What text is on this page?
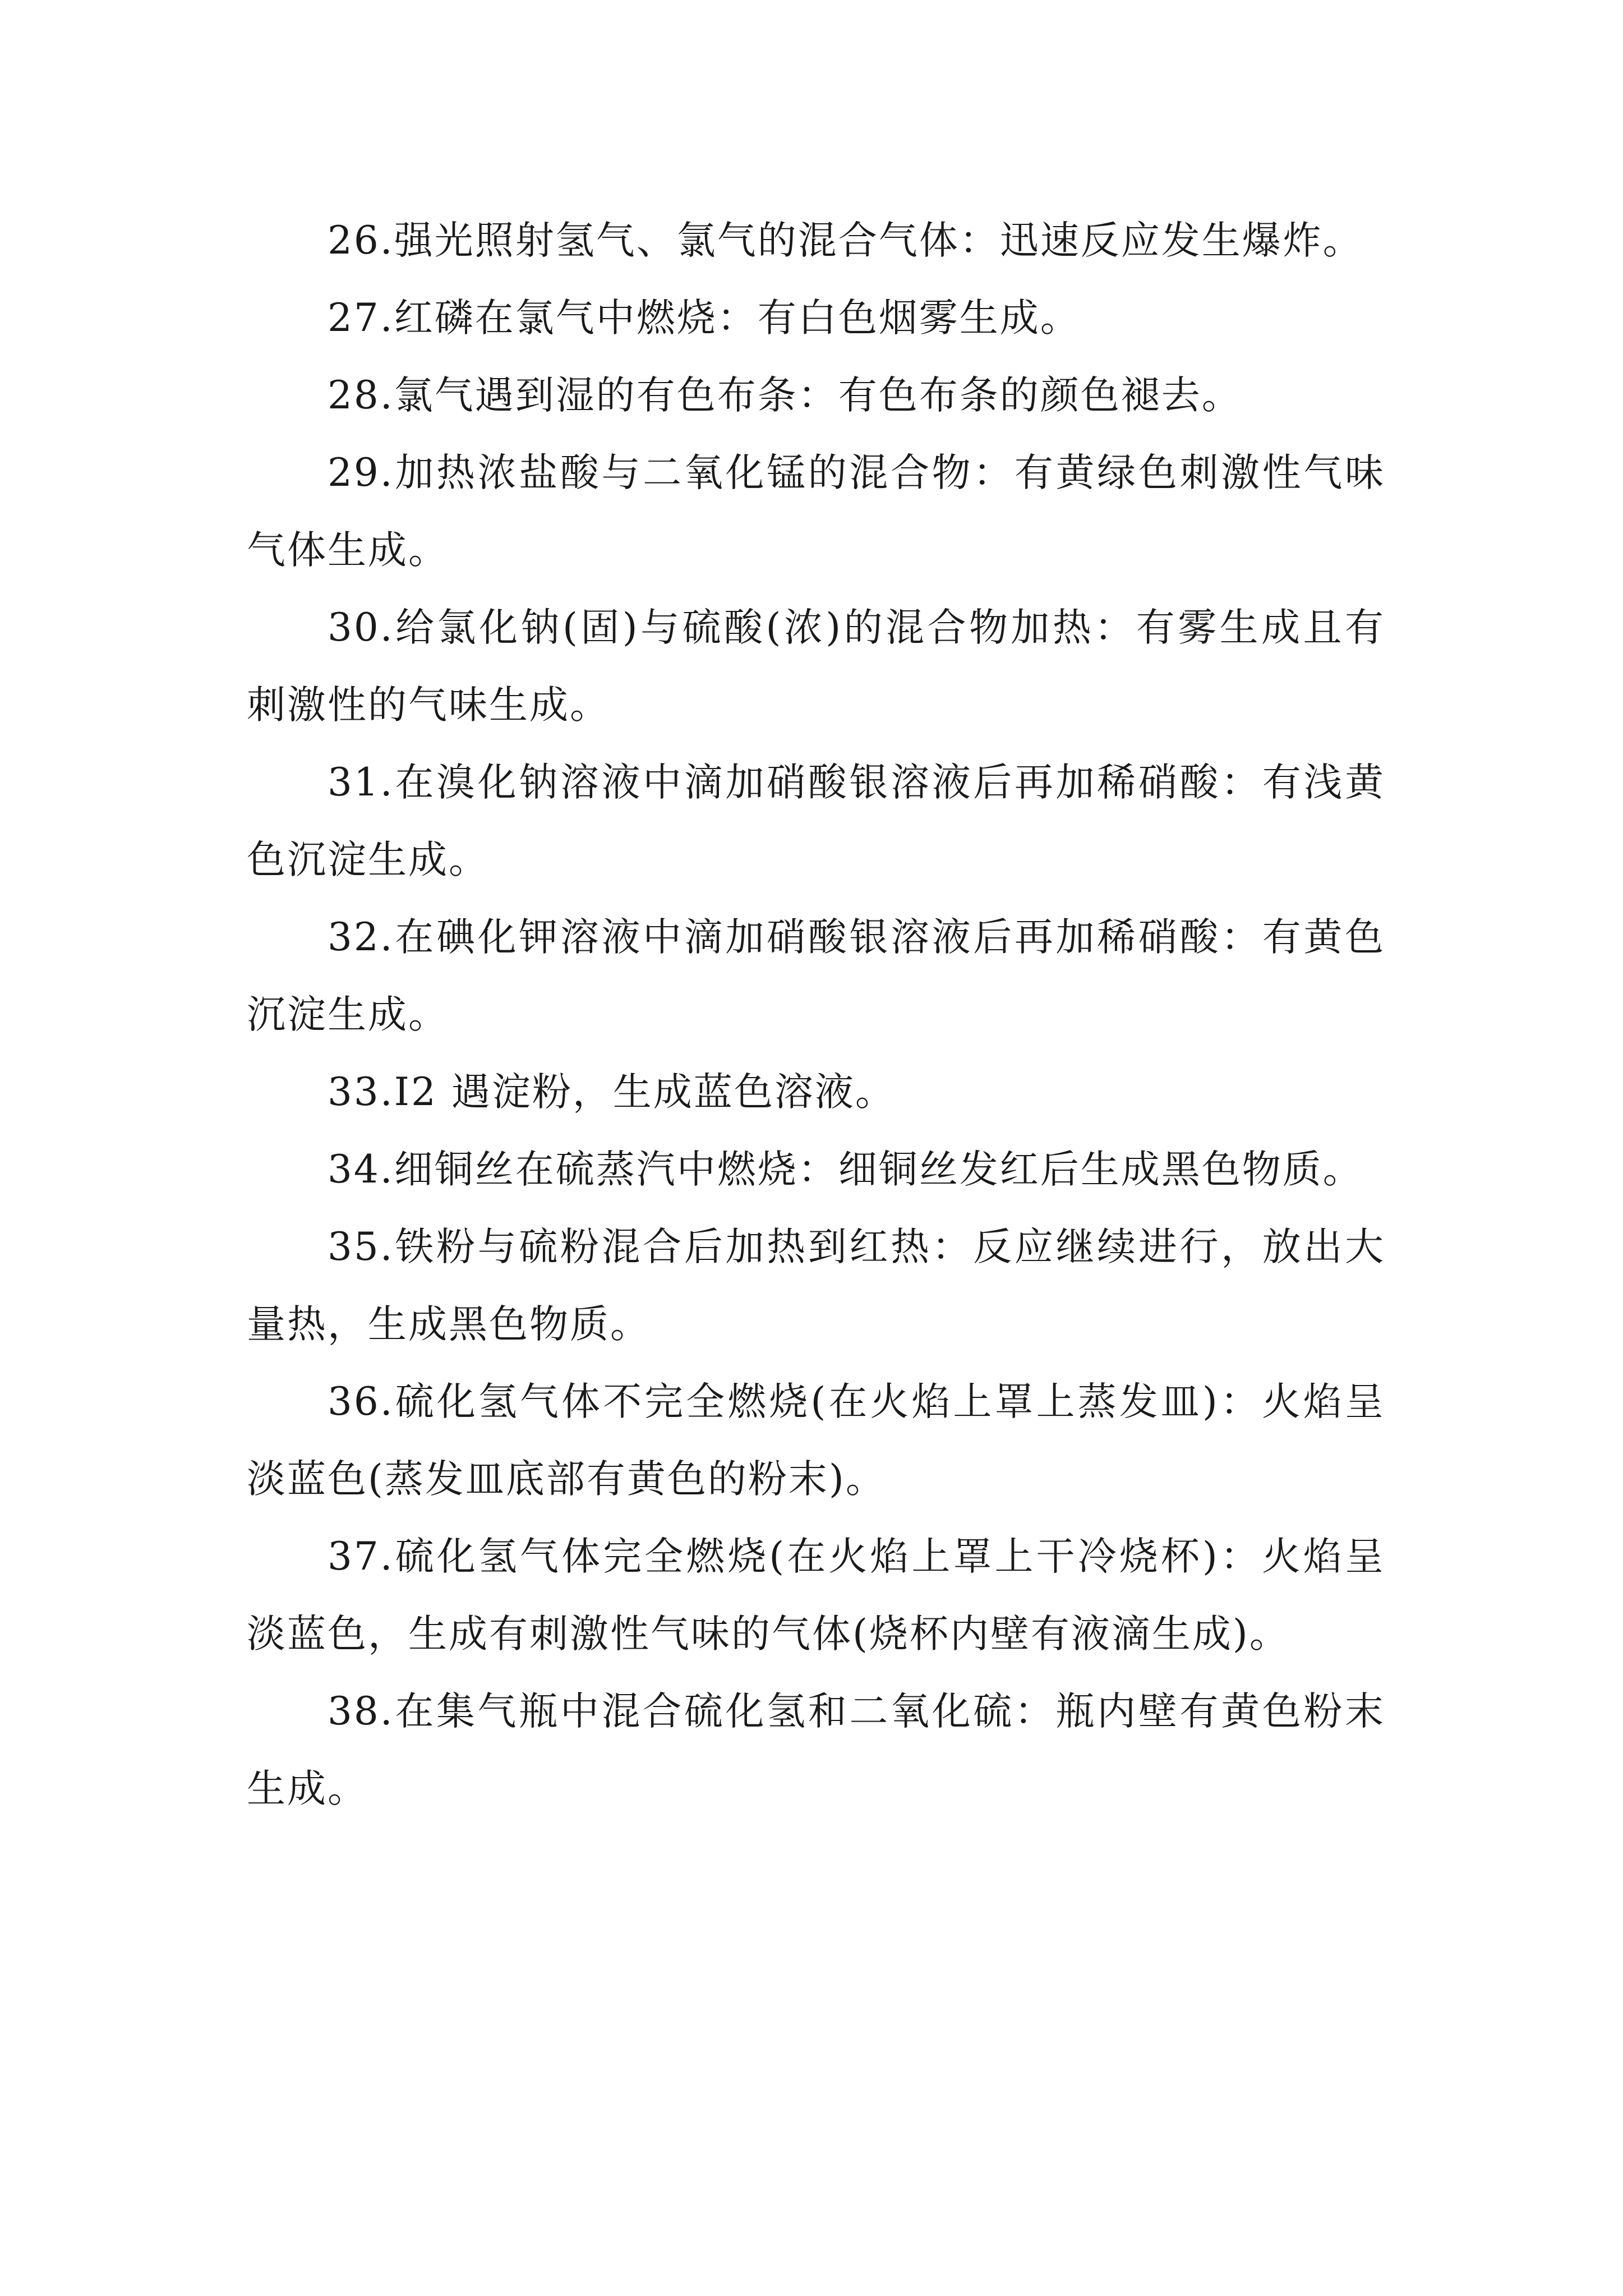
26.强光照射氢气、氯气的混合气体：迅速反应发生爆炸。

27.红磷在氯气中燃烧：有白色烟雾生成。

28.氯气遇到湿的有色布条：有色布条的颜色褪去。

29.加热浓盐酸与二氧化锰的混合物：有黄绿色刺激性气味气体生成。

30.给氯化钠(固)与硫酸(浓)的混合物加热：有雾生成且有刺激性的气味生成。

31.在溴化钠溶液中滴加硝酸银溶液后再加稀硝酸：有浅黄色沉淀生成。

32.在碘化钾溶液中滴加硝酸银溶液后再加稀硝酸：有黄色沉淀生成。

33.I2 遇淀粉，生成蓝色溶液。

34.细铜丝在硫蒸汽中燃烧：细铜丝发红后生成黑色物质。

35.铁粉与硫粉混合后加热到红热：反应继续进行，放出大量热，生成黑色物质。

36.硫化氢气体不完全燃烧(在火焰上罩上蒸发皿)：火焰呈淡蓝色(蒸发皿底部有黄色的粉末)。

37.硫化氢气体完全燃烧(在火焰上罩上干冷烧杯)：火焰呈淡蓝色，生成有刺激性气味的气体(烧杯内壁有液滴生成)。

38.在集气瓶中混合硫化氢和二氧化硫：瓶内壁有黄色粉末生成。
